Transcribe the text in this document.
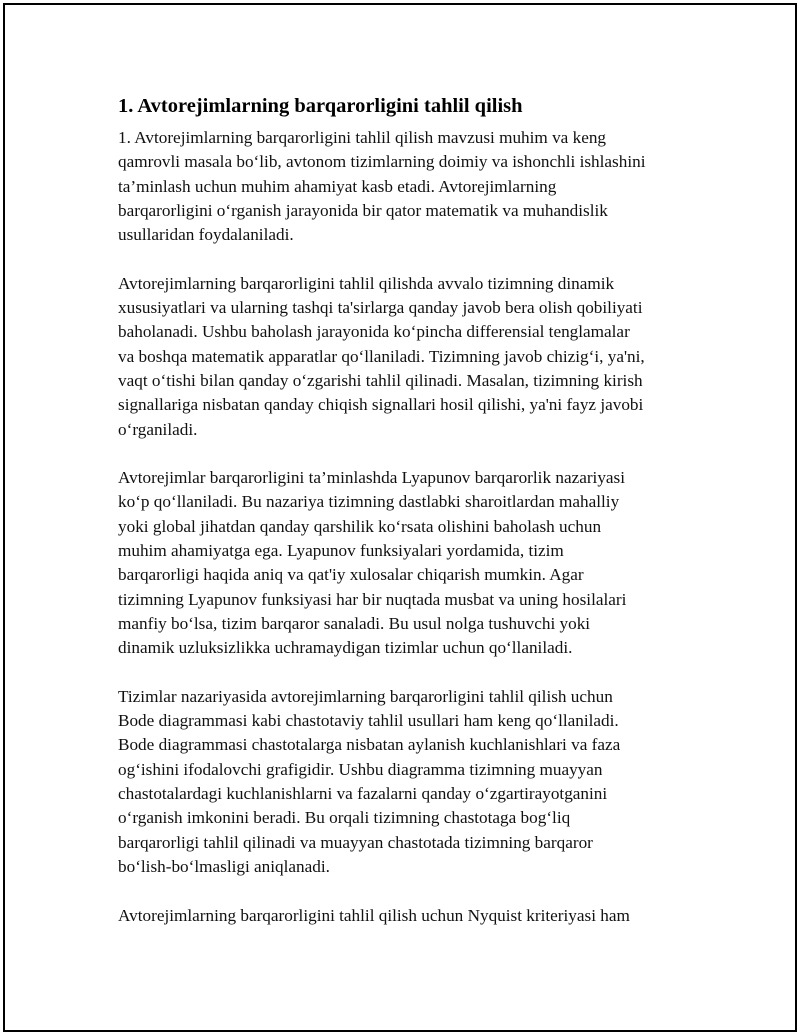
1. Avtorejimlarning barqarorligini tahlil qilish

1. Avtorejimlarning barqarorligini tahlil qilish mavzusi muhim va keng
qamrovli masala bo‘lib, avtonom tizimlarning doimiy va ishonchli ishlashini
ta’minlash uchun muhim ahamiyat kasb etadi. Avtorejimlarning
barqarorligini o‘rganish jarayonida bir qator matematik va muhandislik
usullaridan foydalaniladi.

Avtorejimlarning barqarorligini tahlil qilishda avvalo tizimning dinamik
xususiyatlari va ularning tashqi ta'sirlarga qanday javob bera olish qobiliyati
baholanadi. Ushbu baholash jarayonida ko‘pincha differensial tenglamalar
va boshqa matematik apparatlar qo‘llaniladi. Tizimning javob chizig‘i, ya'ni,
vaqt o‘tishi bilan qanday o‘zgarishi tahlil qilinadi. Masalan, tizimning kirish
signallariga nisbatan qanday chiqish signallari hosil qilishi, ya'ni fayz javobi
o‘rganiladi.

Avtorejimlar barqarorligini ta’minlashda Lyapunov barqarorlik nazariyasi
ko‘p qo‘llaniladi. Bu nazariya tizimning dastlabki sharoitlardan mahalliy
yoki global jihatdan qanday qarshilik ko‘rsata olishini baholash uchun
muhim ahamiyatga ega. Lyapunov funksiyalari yordamida, tizim
barqarorligi haqida aniq va qat'iy xulosalar chiqarish mumkin. Agar
tizimning Lyapunov funksiyasi har bir nuqtada musbat va uning hosilalari
manfiy bo‘lsa, tizim barqaror sanaladi. Bu usul nolga tushuvchi yoki
dinamik uzluksizlikka uchramaydigan tizimlar uchun qo‘llaniladi.

Tizimlar nazariyasida avtorejimlarning barqarorligini tahlil qilish uchun
Bode diagrammasi kabi chastotaviy tahlil usullari ham keng qo‘llaniladi.
Bode diagrammasi chastotalarga nisbatan aylanish kuchlanishlari va faza
og‘ishini ifodalovchi grafigidir. Ushbu diagramma tizimning muayyan
chastotalardagi kuchlanishlarni va fazalarni qanday o‘zgartirayotganini
o‘rganish imkonini beradi. Bu orqali tizimning chastotaga bog‘liq
barqarorligi tahlil qilinadi va muayyan chastotada tizimning barqaror
bo‘lish-bo‘lmasligi aniqlanadi.

Avtorejimlarning barqarorligini tahlil qilish uchun Nyquist kriteriyasi ham
